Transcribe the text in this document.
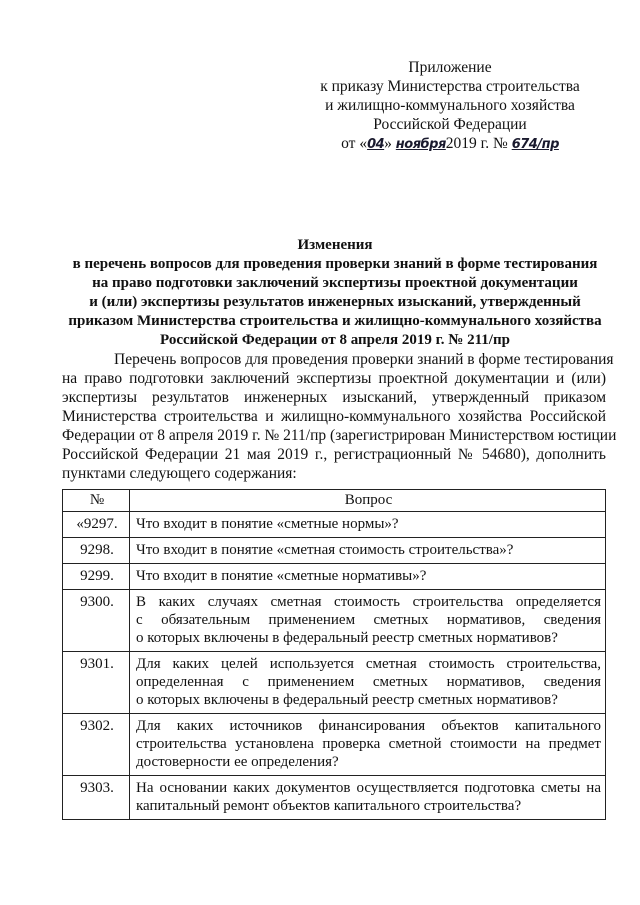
Приложение
к приказу Министерства строительства
и жилищно-коммунального хозяйства
Российской Федерации
от «04» ноября2019 г. № 674/пр
Изменения
в перечень вопросов для проведения проверки знаний в форме тестирования
на право подготовки заключений экспертизы проектной документации
и (или) экспертизы результатов инженерных изысканий, утвержденный
приказом Министерства строительства и жилищно-коммунального хозяйства
Российской Федерации от 8 апреля 2019 г. № 211/пр
Перечень вопросов для проведения проверки знаний в форме тестирования
на право подготовки заключений экспертизы проектной документации и (или)
экспертизы результатов инженерных изысканий, утвержденный приказом
Министерства строительства и жилищно-коммунального хозяйства Российской
Федерации от 8 апреля 2019 г. № 211/пр (зарегистрирован Министерством юстиции
Российской Федерации 21 мая 2019 г., регистрационный № 54680), дополнить
пунктами следующего содержания:
№	Вопрос
«9297.	Что входит в понятие «сметные нормы»?

9298.	Что входит в понятие «сметная стоимость строительства»?

9299.	Что входит в понятие «сметные нормативы»?

9300.	В каких случаях сметная стоимость строительства определяется
с обязательным применением сметных нормативов, сведения
о которых включены в федеральный реестр сметных нормативов?

9301.	Для каких целей используется сметная стоимость строительства,
определенная с применением сметных нормативов, сведения
о которых включены в федеральный реестр сметных нормативов?

9302.	Для каких источников финансирования объектов капитального
строительства установлена проверка сметной стоимости на предмет
достоверности ее определения?

9303.	На основании каких документов осуществляется подготовка сметы на
капитальный ремонт объектов капитального строительства?
